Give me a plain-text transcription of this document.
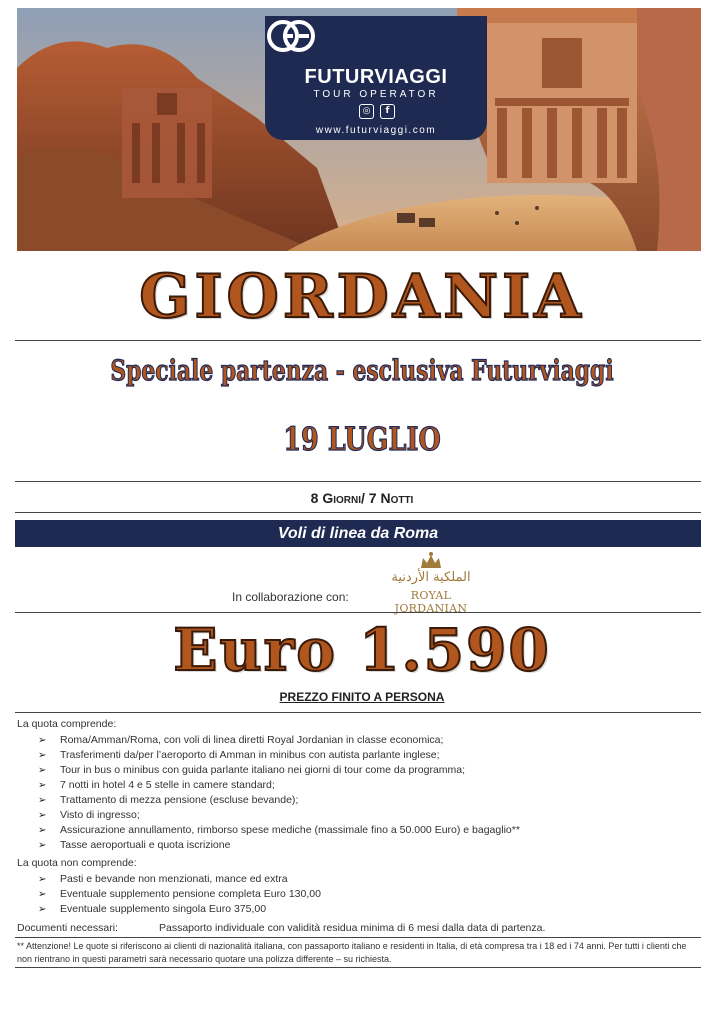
FUTURVIAGGI
TOUR OPERATOR
◎	f
www.futurviaggi.com
GIORDANIA
Speciale partenza - esclusiva Futurviaggi
19 LUGLIO
8 Giorni/ 7 Notti
Voli di linea da Roma
In collaborazione con:
الملكية الأردنية
ROYAL JORDANIAN
Euro 1.590
PREZZO FINITO A PERSONA
La quota comprende:
➢ Roma/Amman/Roma, con voli di linea diretti Royal Jordanian in classe economica;
➢ Trasferimenti da/per l’aeroporto di Amman in minibus con autista parlante inglese;
➢ Tour in bus o minibus con guida parlante italiano nei giorni di tour come da programma;
➢ 7 notti in hotel 4 e 5 stelle in camere standard;
➢ Trattamento di mezza pensione (escluse bevande);
➢ Visto di ingresso;
➢ Assicurazione annullamento, rimborso spese mediche (massimale fino a 50.000 Euro) e bagaglio**
➢ Tasse aeroportuali e quota iscrizione
La quota non comprende:
➢ Pasti e bevande non menzionati, mance ed extra
➢ Eventuale supplemento pensione completa Euro 130,00
➢ Eventuale supplemento singola Euro 375,00
Documenti necessari:	Passaporto individuale con validità residua minima di 6 mesi dalla data di partenza.
** Attenzione! Le quote si riferiscono ai clienti di nazionalità italiana, con passaporto italiano e residenti in Italia, di età compresa tra i 18 ed i 74 anni. Per tutti i clienti che non rientrano in questi parametri sarà necessario quotare una polizza differente – su richiesta.
